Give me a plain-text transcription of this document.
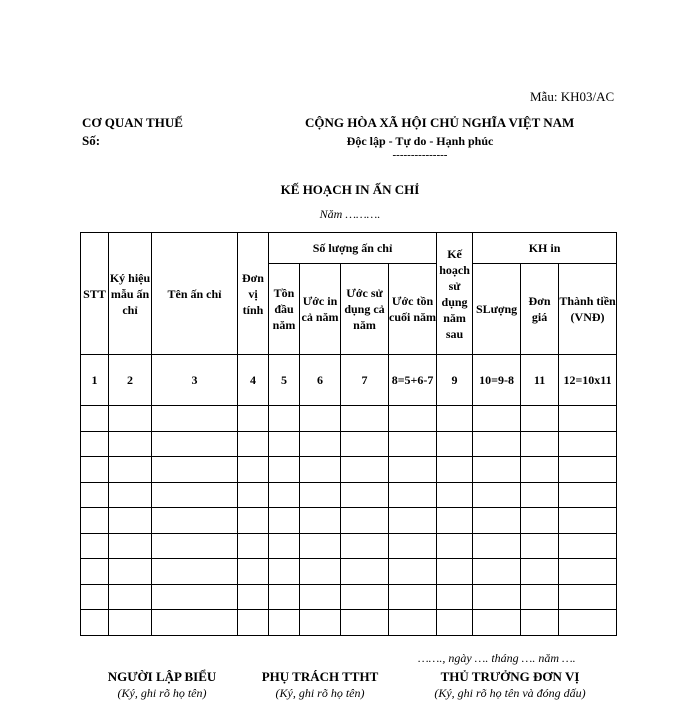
Mẫu: KH03/AC
CƠ QUAN THUẾ
Số:
CỘNG HÒA XÃ HỘI CHỦ NGHĨA VIỆT NAM
Độc lập - Tự do - Hạnh phúc
---------------
KẾ HOẠCH IN ẤN CHỈ
Năm ……….
STT	Ký hiệu mẫu ấn chỉ	Tên ấn chỉ	Đơn vị tính	Số lượng ấn chỉ				Kế hoạch sử dụng năm sau	KH in		
				Tồn đầu năm	Ước in cả năm	Ước sử dụng cả năm	Ước tồn cuối năm		SLượng	Đơn giá	Thành tiền (VNĐ)
1	2	3	4	5	6	7	8=5+6-7	9	10=9-8	11	12=10x11

……., ngày …. tháng …. năm ….
NGƯỜI LẬP BIỂU
(Ký, ghi rõ họ tên)
PHỤ TRÁCH TTHT
(Ký, ghi rõ họ tên)
THỦ TRƯỞNG ĐƠN VỊ
(Ký, ghi rõ họ tên và đóng dấu)
